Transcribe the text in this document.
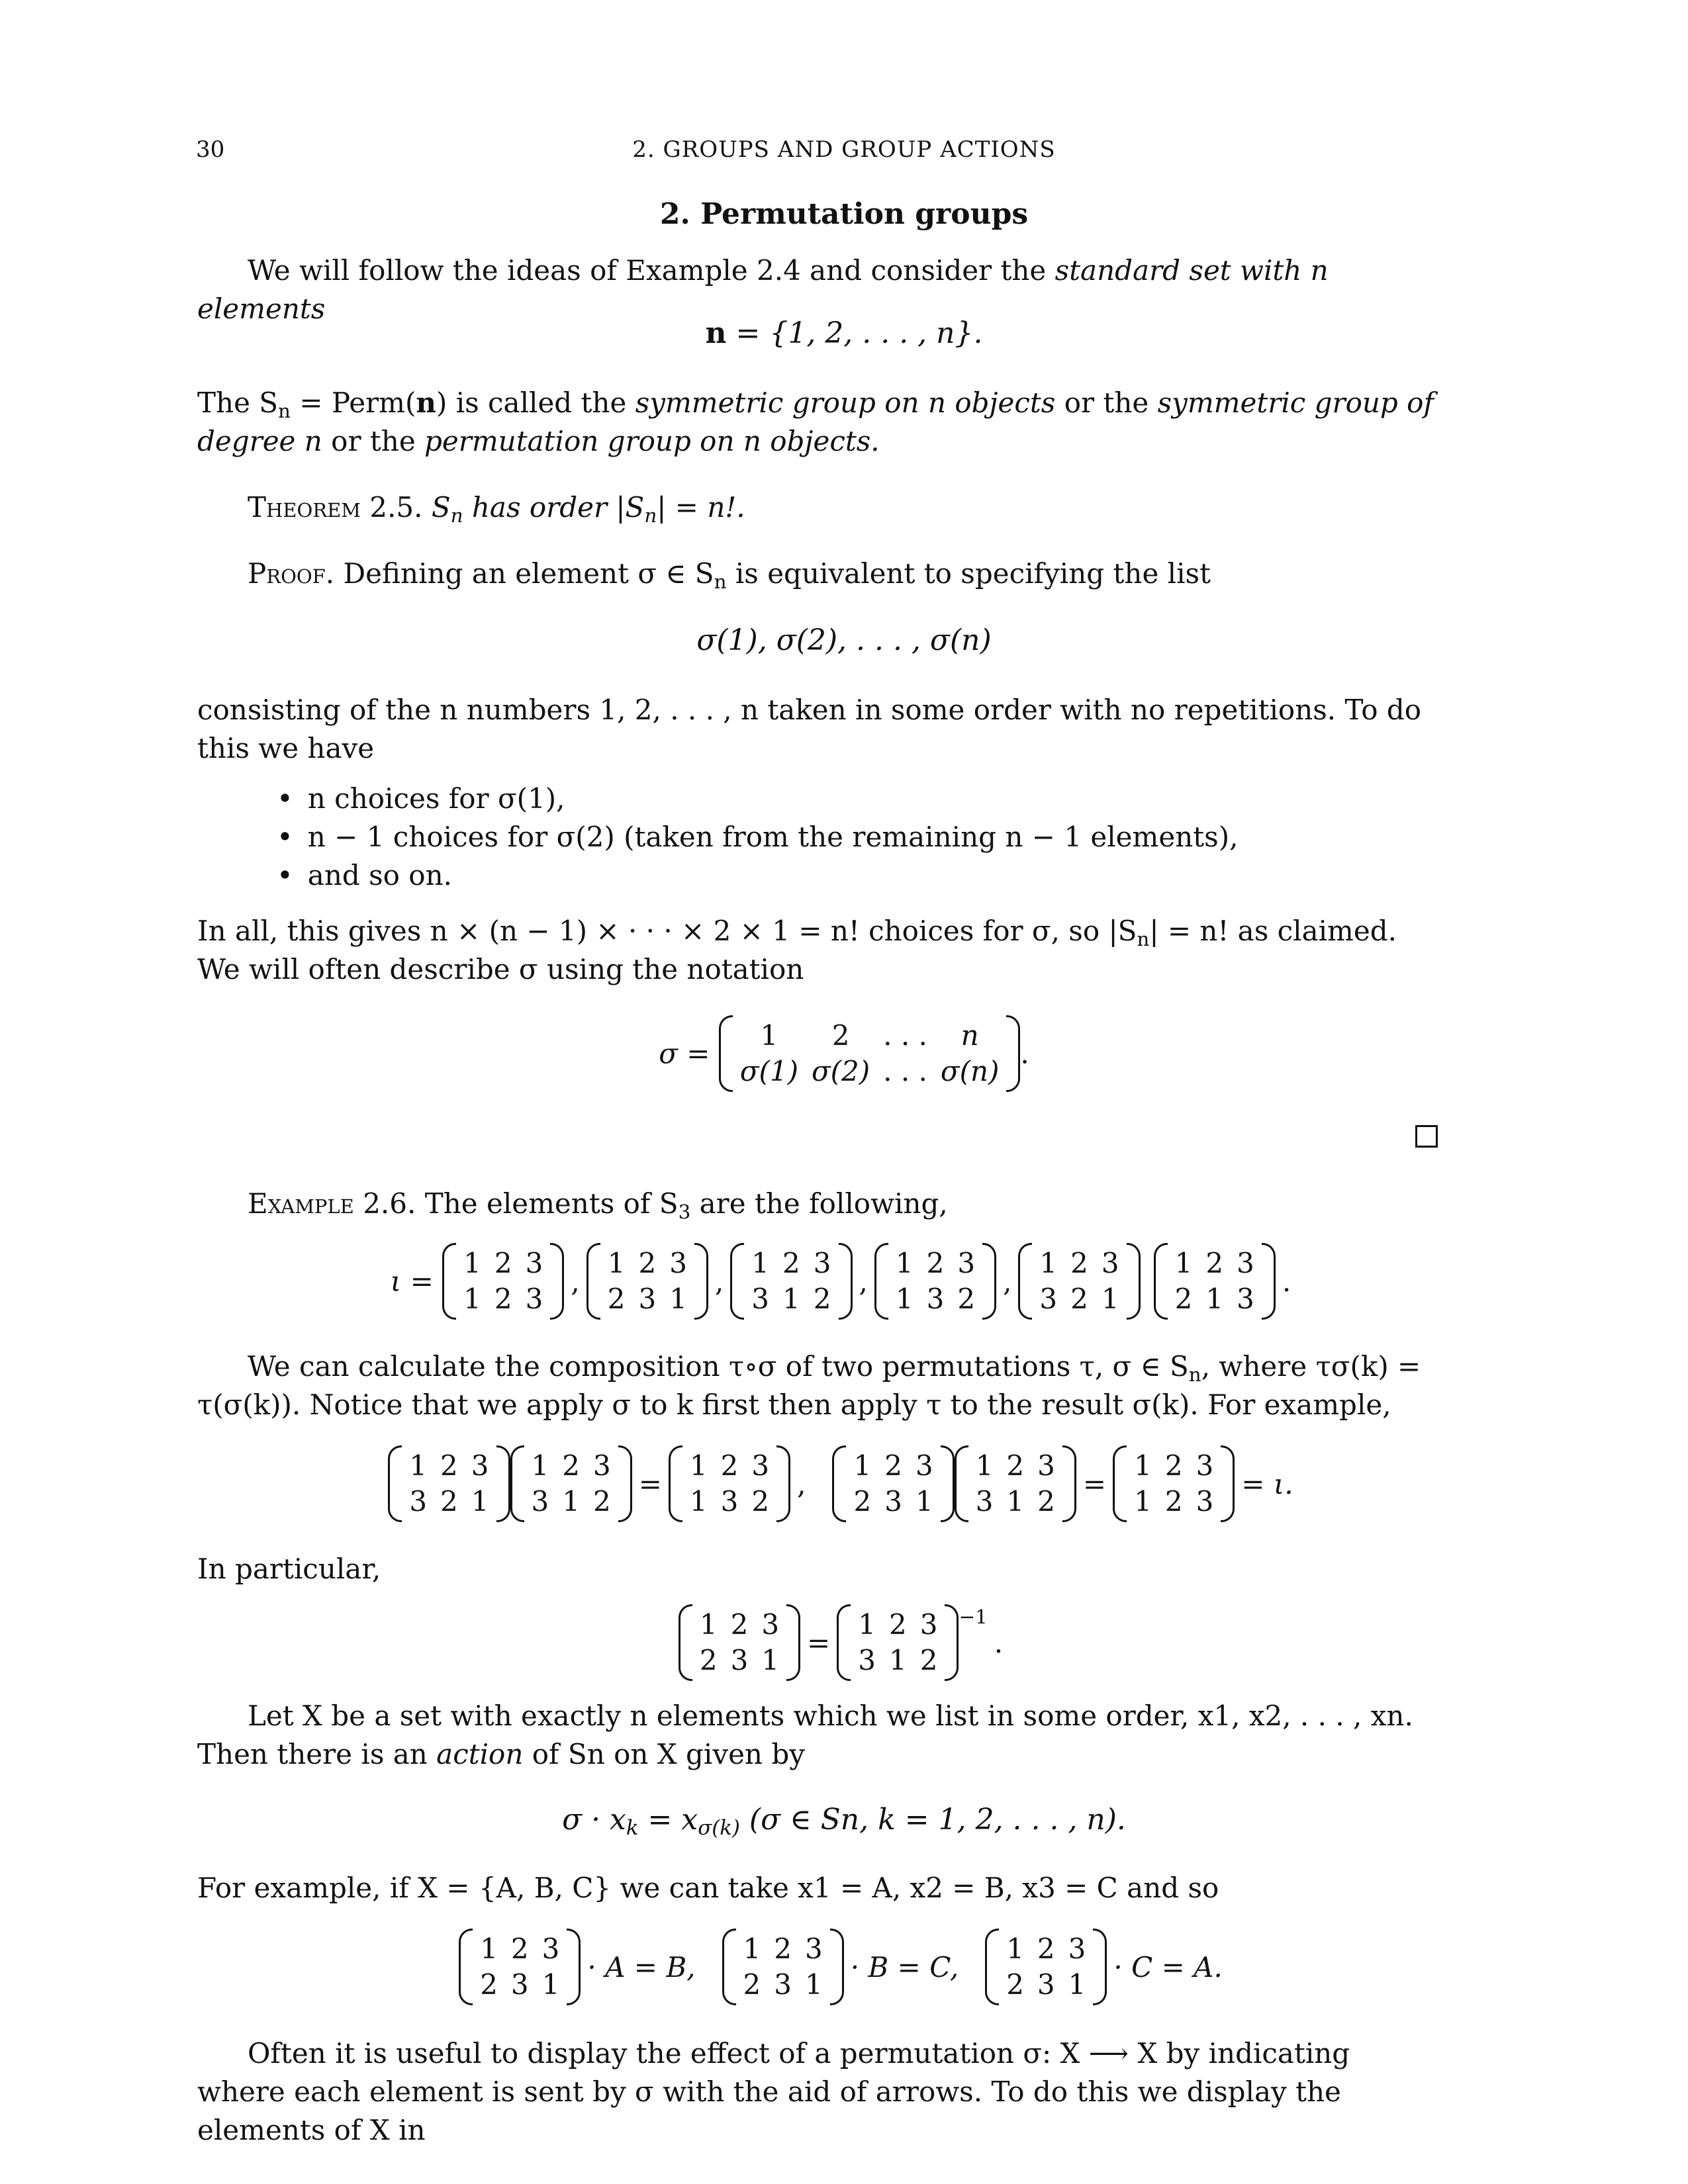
30	2. GROUPS AND GROUP ACTIONS
2. Permutation groups
We will follow the ideas of Example 2.4 and consider the standard set with n elements
n = {1, 2, . . . , n}.
The $S_n$ = Perm(n) is called the symmetric group on n objects or the symmetric group of degree n or the permutation group on n objects.
Theorem 2.5. $S_n$ has order $|S_n| = n$!.
Proof. Defining an element σ ∈ $S_n$ is equivalent to specifying the list
σ(1), σ(2), . . . , σ(n)
consisting of the n numbers 1, 2, . . . , n taken in some order with no repetitions. To do this we have
• n choices for σ(1),
• n − 1 choices for σ(2) (taken from the remaining n − 1 elements),
• and so on.
In all, this gives n × (n − 1) × · · · × 2 × 1 = n! choices for σ, so $|S_n| = n$! as claimed. We will often describe σ using the notation
σ =
1	2	. . .	n
σ(1)	σ(2)	. . .	σ(n)
.
Example 2.6. The elements of $S_3$ are the following,
ι =
1	2	3
1	2	3
,
1	2	3
2	3	1
,
1	2	3
3	1	2
,
1	2	3
1	3	2
,
1	2	3
3	2	1
1	2	3
2	1	3
.
We can calculate the composition τ∘σ of two permutations τ, σ ∈ $S_n$, where τσ(k) = τ(σ(k)). Notice that we apply σ to k first then apply τ to the result σ(k). For example,
1	2	3
3	2	1
1	2	3
3	1	2
=
1	2	3
1	3	2
,
1	2	3
2	3	1
1	2	3
3	1	2
=
1	2	3
1	2	3
= ι.
In particular,
1	2	3
2	3	1
=
1	2	3
3	1	2
$^{-1}$.
Let X be a set with exactly n elements which we list in some order, x1, x2, . . . , xn. Then there is an action of Sn on X given by
$\sigma \cdot x_k = x_{\sigma(k)}$ (σ ∈ Sn, k = 1, 2, . . . , n).
For example, if X = {A, B, C} we can take x1 = A, x2 = B, x3 = C and so
1	2	3
2	3	1
· A = B,
1	2	3
2	3	1
· B = C,
1	2	3
2	3	1
· C = A.
Often it is useful to display the effect of a permutation σ: X ⟶ X by indicating where each element is sent by σ with the aid of arrows. To do this we display the elements of X in
